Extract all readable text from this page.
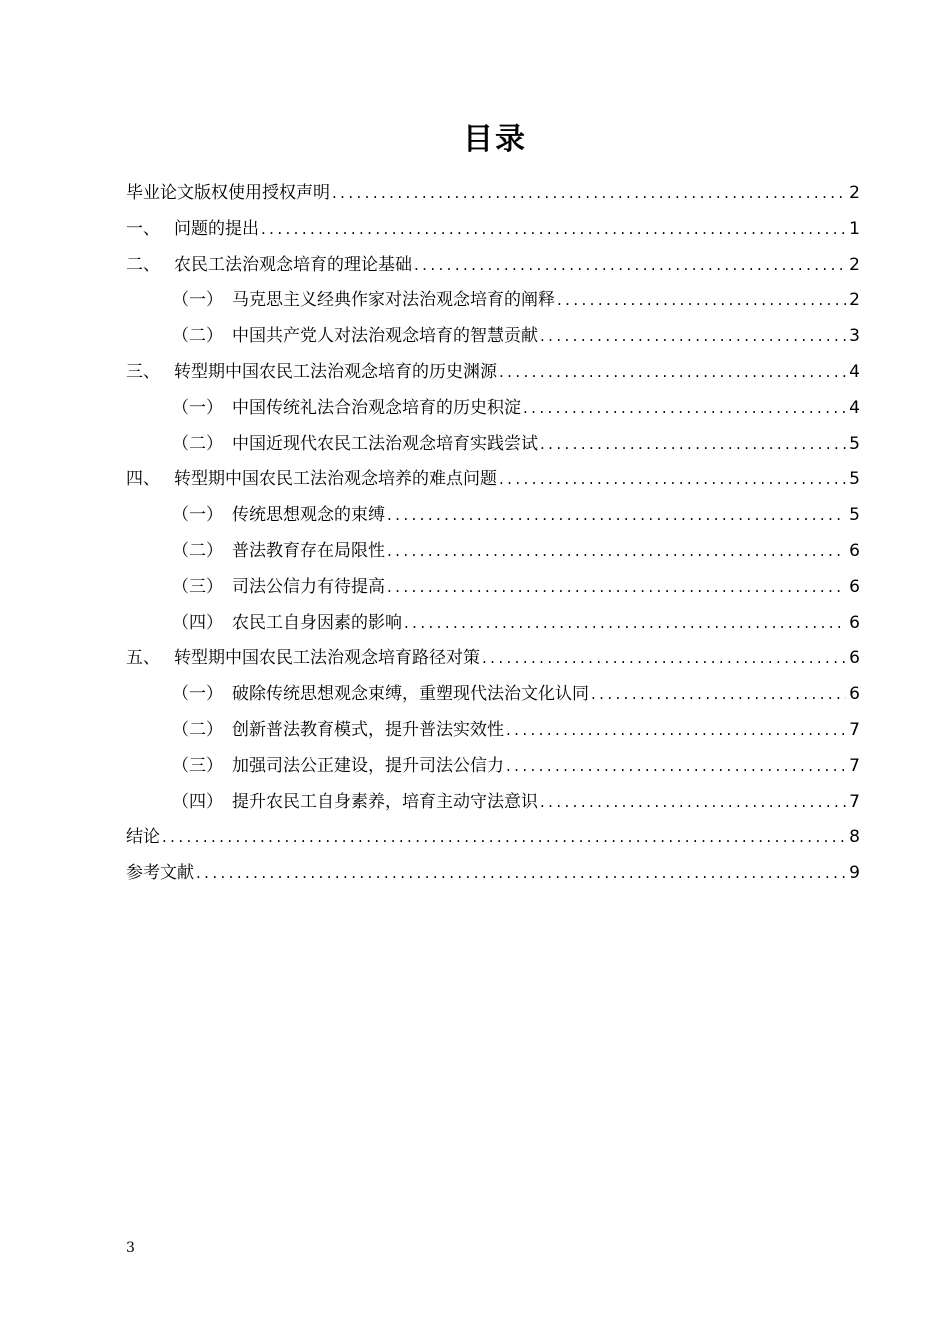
目录
毕业论文版权使用授权声明 .....	2
一、 问题的提出 .....	1
二、 农民工法治观念培育的理论基础 .....	2
（一） 马克思主义经典作家对法治观念培育的阐释 .....	2
（二） 中国共产党人对法治观念培育的智慧贡献 .....	3
三、 转型期中国农民工法治观念培育的历史渊源 .....	4
（一） 中国传统礼法合治观念培育的历史积淀 .....	4
（二） 中国近现代农民工法治观念培育实践尝试 .....	5
四、 转型期中国农民工法治观念培养的难点问题 .....	5
（一） 传统思想观念的束缚 .....	5
（二） 普法教育存在局限性 .....	6
（三） 司法公信力有待提高 .....	6
（四） 农民工自身因素的影响 .....	6
五、 转型期中国农民工法治观念培育路径对策 .....	6
（一） 破除传统思想观念束缚，重塑现代法治文化认同 .....	6
（二） 创新普法教育模式，提升普法实效性 .....	7
（三） 加强司法公正建设，提升司法公信力 .....	7
（四） 提升农民工自身素养，培育主动守法意识 .....	7
结论 .....	8
参考文献 .....	9
3
